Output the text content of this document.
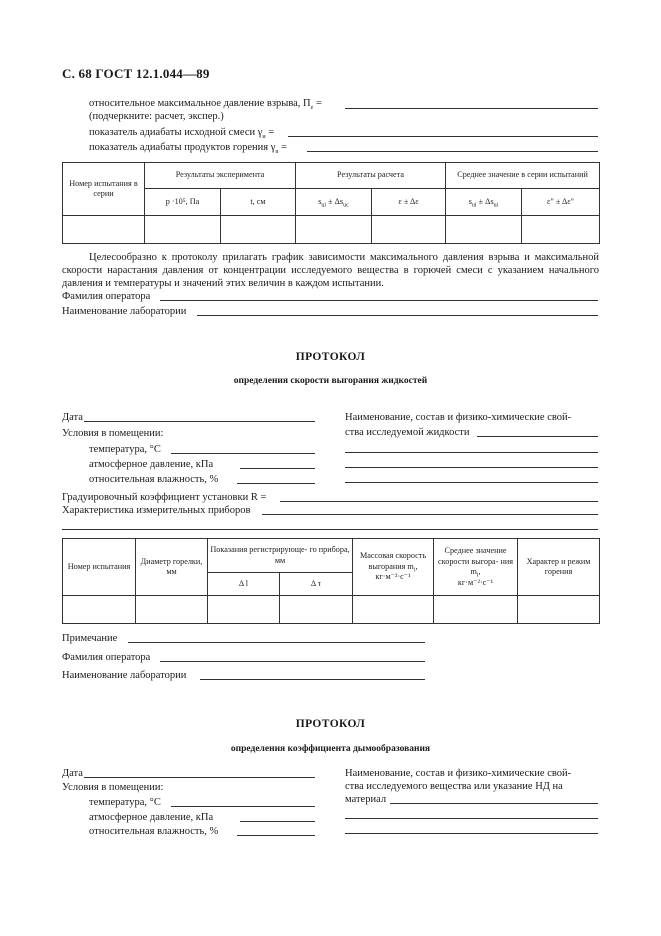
С. 68 ГОСТ 12.1.044—89
относительное максимальное давление взрыва, $П_e$ =
(подчеркните: расчет, экспер.)
показатель адиабаты исходной смеси $\gamma_и$ =
показатель адиабаты продуктов горения $\gamma_n$ =
Номер испытания в серии	Результаты эксперимента		Результаты расчета		Среднее значение в серии испытаний	
	p ·10⁵, Па	t, см	$s_{ui} \pm \Delta s_{uc}$	ε ± Δε	$s_{ui} \pm \Delta s_{ui}$	ε" ± Δε"

Целесообразно к протоколу прилагать график зависимости максимального давления взрыва и максимальной скорости нарастания давления от концентрации исследуемого вещества в горючей смеси с указанием начального давления и температуры и значений этих величин в каждом испытании.
Фамилия оператора
Наименование лаборатории
ПРОТОКОЛ
определения скорости выгорания жидкостей
Дата
Условия в помещении:
температура, °С
атмосферное давление, кПа
относительная влажность, %
Наименование, состав и физико-химические свой-
ства исследуемой жидкости
Градуировочный коэффициент установки R =
Характеристика измерительных приборов
Номер испытания	Диаметр горелки, мм	Показания регистрирующе- го прибора, мм		Массовая скорость выгорания $m_i$,
кг·м⁻²·с⁻¹	Среднее значение скорости выгора- ния $m_i$,
кг·м⁻²·с⁻¹	Характер и режим горения
		Δ l	Δ τ			

Примечание
Фамилия оператора
Наименование лаборатории
ПРОТОКОЛ
определения коэффициента дымообразования
Дата
Условия в помещении:
температура, °С
атмосферное давление, кПа
относительная влажность, %
Наименование, состав и физико-химические свой-
ства исследуемого вещества или указание НД на
материал
